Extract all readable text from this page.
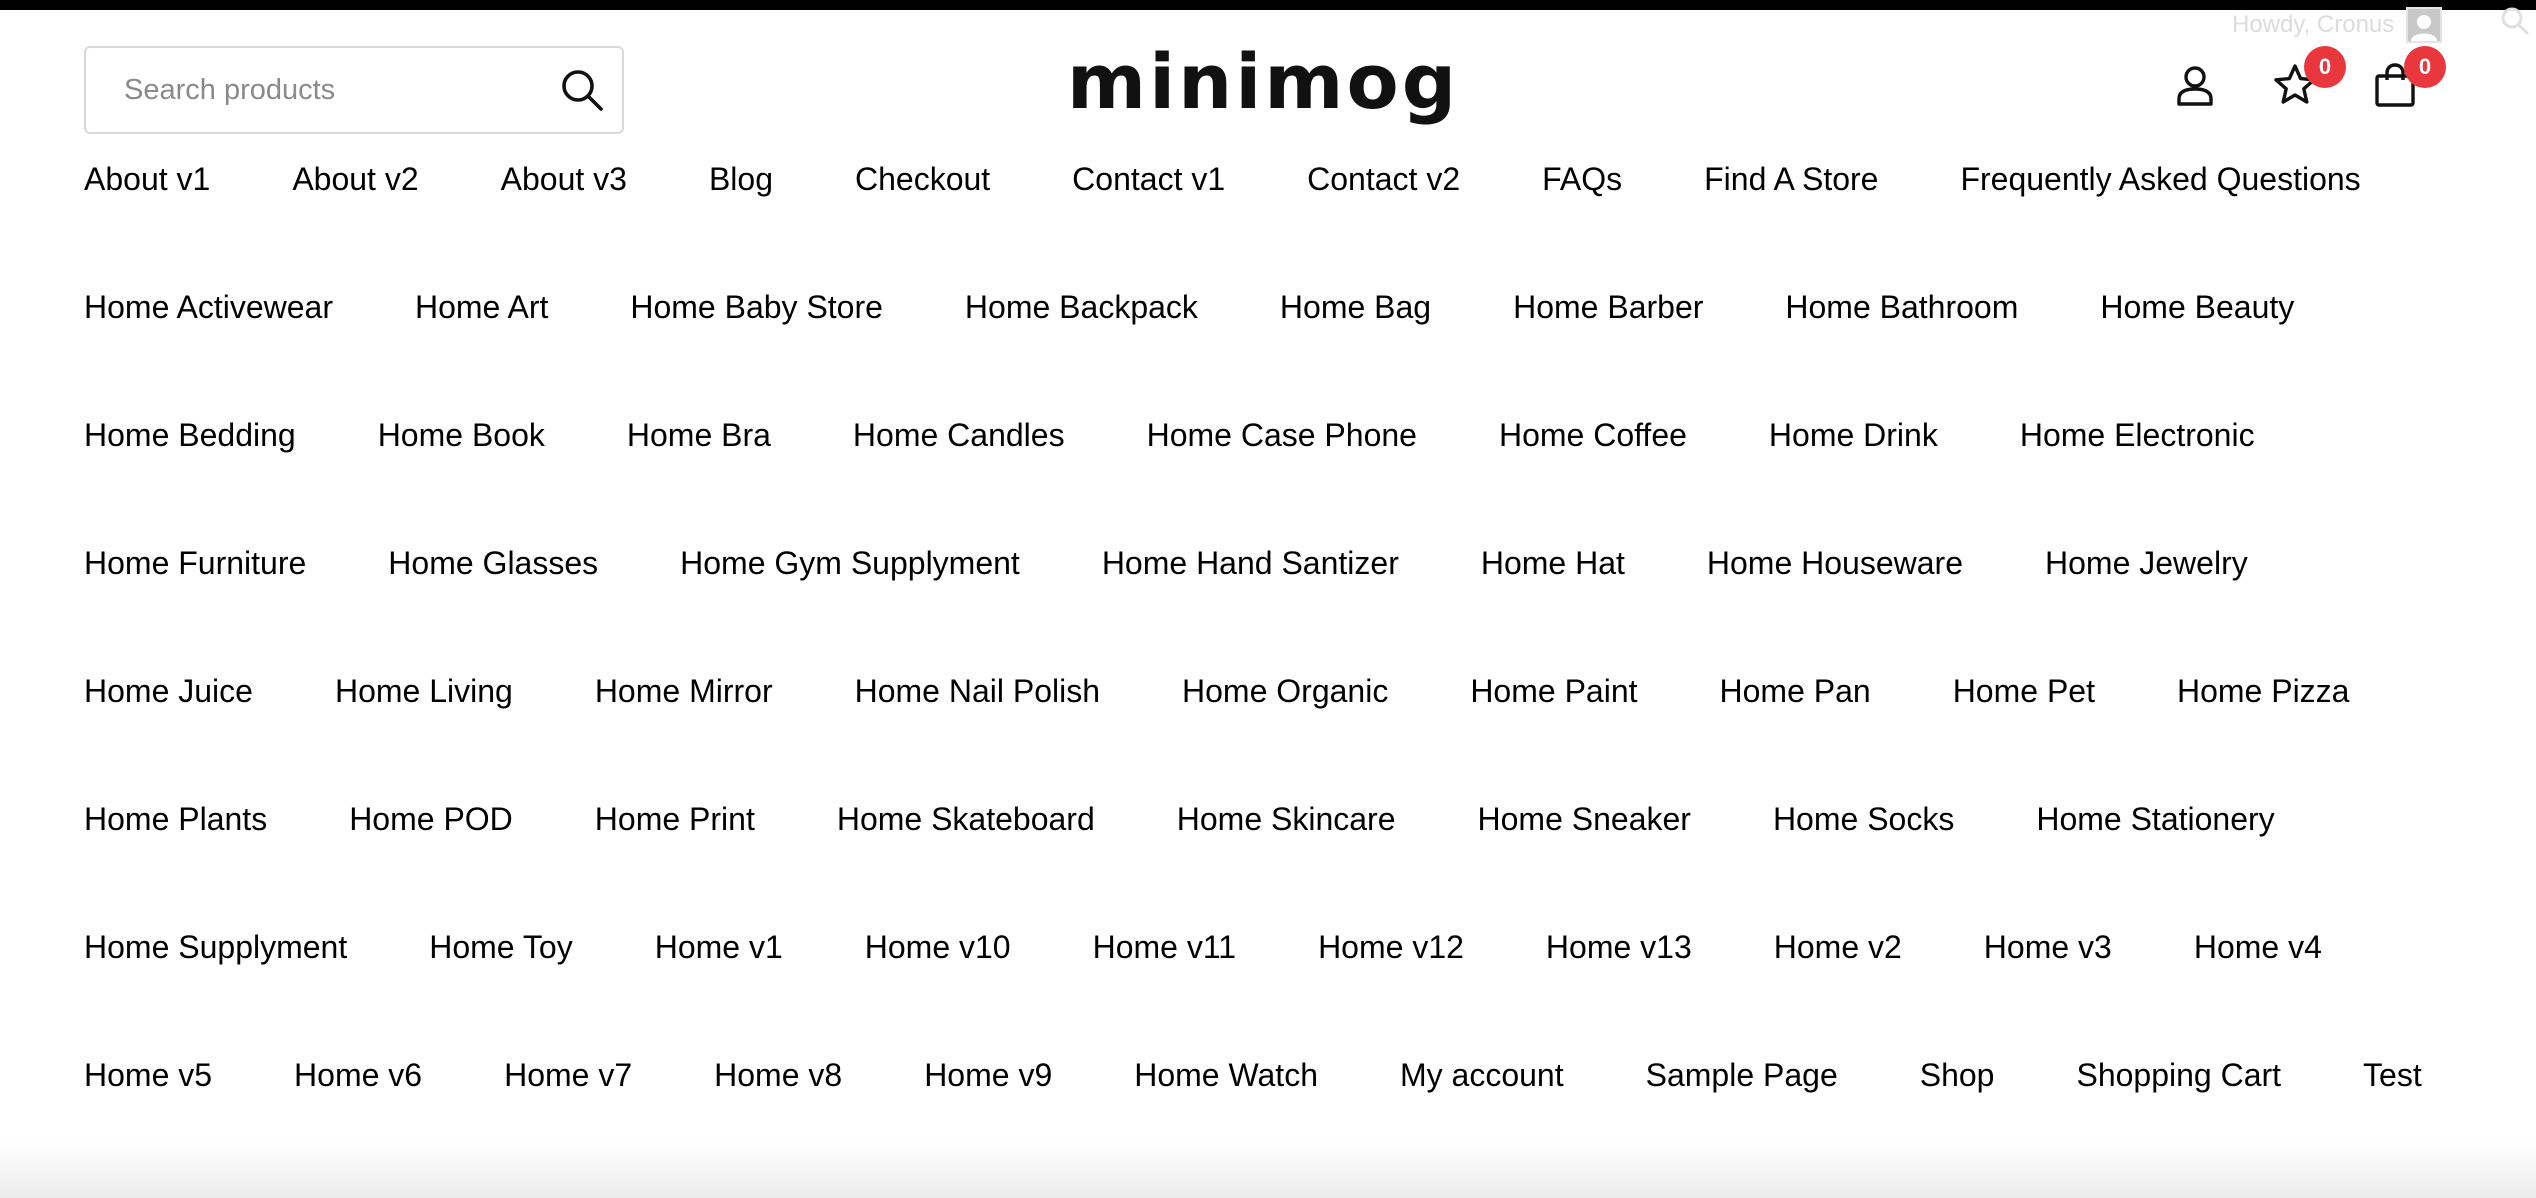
Howdy, Cronus
Search products
minimog	0	0
About v1	About v2	About v3	Blog	Checkout	Contact v1	Contact v2	FAQs	Find A Store	Frequently Asked Questions
Home Activewear	Home Art	Home Baby Store	Home Backpack	Home Bag	Home Barber	Home Bathroom	Home Beauty
Home Bedding	Home Book	Home Bra	Home Candles	Home Case Phone	Home Coffee	Home Drink	Home Electronic
Home Furniture	Home Glasses	Home Gym Supplyment	Home Hand Santizer	Home Hat	Home Houseware	Home Jewelry
Home Juice	Home Living	Home Mirror	Home Nail Polish	Home Organic	Home Paint	Home Pan	Home Pet	Home Pizza
Home Plants	Home POD	Home Print	Home Skateboard	Home Skincare	Home Sneaker	Home Socks	Home Stationery
Home Supplyment	Home Toy	Home v1	Home v10	Home v11	Home v12	Home v13	Home v2	Home v3	Home v4
Home v5	Home v6	Home v7	Home v8	Home v9	Home Watch	My account	Sample Page	Shop	Shopping Cart	Test
